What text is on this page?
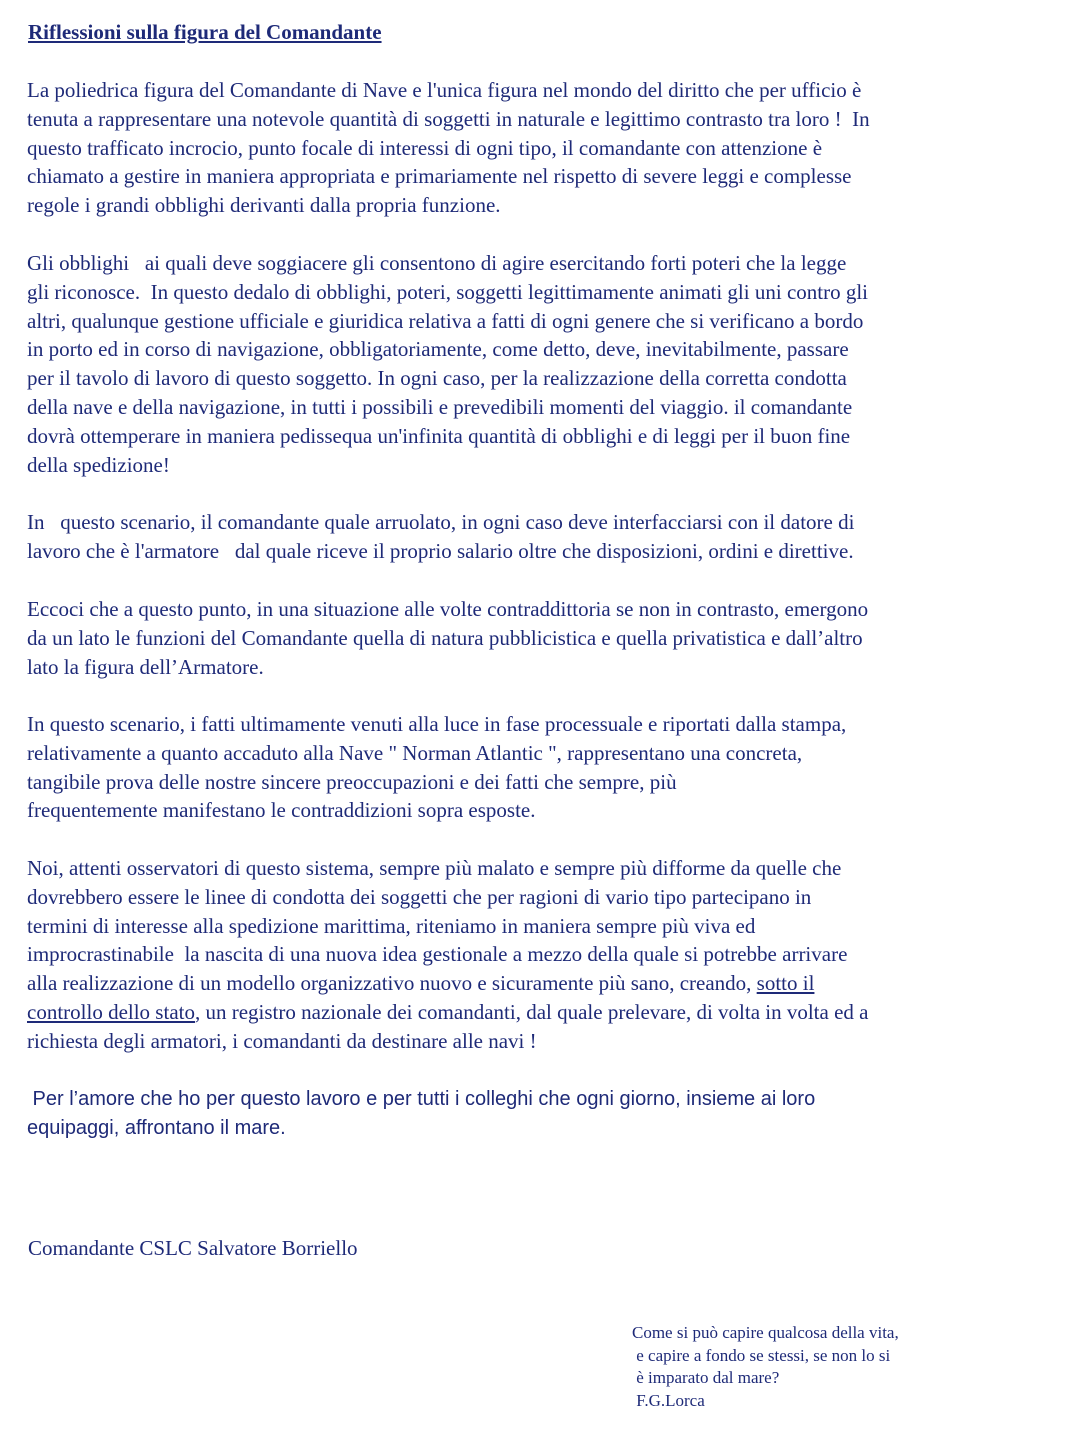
Riflessioni sulla figura del Comandante

La poliedrica figura del Comandante di Nave e l'unica figura nel mondo del diritto che per ufficio è
tenuta a rappresentare una notevole quantità di soggetti in naturale e legittimo contrasto tra loro !  In
questo trafficato incrocio, punto focale di interessi di ogni tipo, il comandante con attenzione è
chiamato a gestire in maniera appropriata e primariamente nel rispetto di severe leggi e complesse
regole i grandi obblighi derivanti dalla propria funzione.

Gli obblighi   ai quali deve soggiacere gli consentono di agire esercitando forti poteri che la legge
gli riconosce.  In questo dedalo di obblighi, poteri, soggetti legittimamente animati gli uni contro gli
altri, qualunque gestione ufficiale e giuridica relativa a fatti di ogni genere che si verificano a bordo
in porto ed in corso di navigazione, obbligatoriamente, come detto, deve, inevitabilmente, passare
per il tavolo di lavoro di questo soggetto. In ogni caso, per la realizzazione della corretta condotta
della nave e della navigazione, in tutti i possibili e prevedibili momenti del viaggio. il comandante
dovrà ottemperare in maniera pedissequa un'infinita quantità di obblighi e di leggi per il buon fine
della spedizione!

In   questo scenario, il comandante quale arruolato, in ogni caso deve interfacciarsi con il datore di
lavoro che è l'armatore   dal quale riceve il proprio salario oltre che disposizioni, ordini e direttive.

Eccoci che a questo punto, in una situazione alle volte contraddittoria se non in contrasto, emergono
da un lato le funzioni del Comandante quella di natura pubblicistica e quella privatistica e dall’altro
lato la figura dell’Armatore.

In questo scenario, i fatti ultimamente venuti alla luce in fase processuale e riportati dalla stampa,
relativamente a quanto accaduto alla Nave " Norman Atlantic ", rappresentano una concreta,
tangibile prova delle nostre sincere preoccupazioni e dei fatti che sempre, più
frequentemente manifestano le contraddizioni sopra esposte.

Noi, attenti osservatori di questo sistema, sempre più malato e sempre più difforme da quelle che
dovrebbero essere le linee di condotta dei soggetti che per ragioni di vario tipo partecipano in
termini di interesse alla spedizione marittima, riteniamo in maniera sempre più viva ed
improcrastinabile  la nascita di una nuova idea gestionale a mezzo della quale si potrebbe arrivare
alla realizzazione di un modello organizzativo nuovo e sicuramente più sano, creando, sotto il
controllo dello stato, un registro nazionale dei comandanti, dal quale prelevare, di volta in volta ed a
richiesta degli armatori, i comandanti da destinare alle navi !

Per l’amore che ho per questo lavoro e per tutti i colleghi che ogni giorno, insieme ai loro
equipaggi, affrontano il mare.

Comandante CSLC Salvatore Borriello

Come si può capire qualcosa della vita,
e capire a fondo se stessi, se non lo si
è imparato dal mare?
F.G.Lorca
